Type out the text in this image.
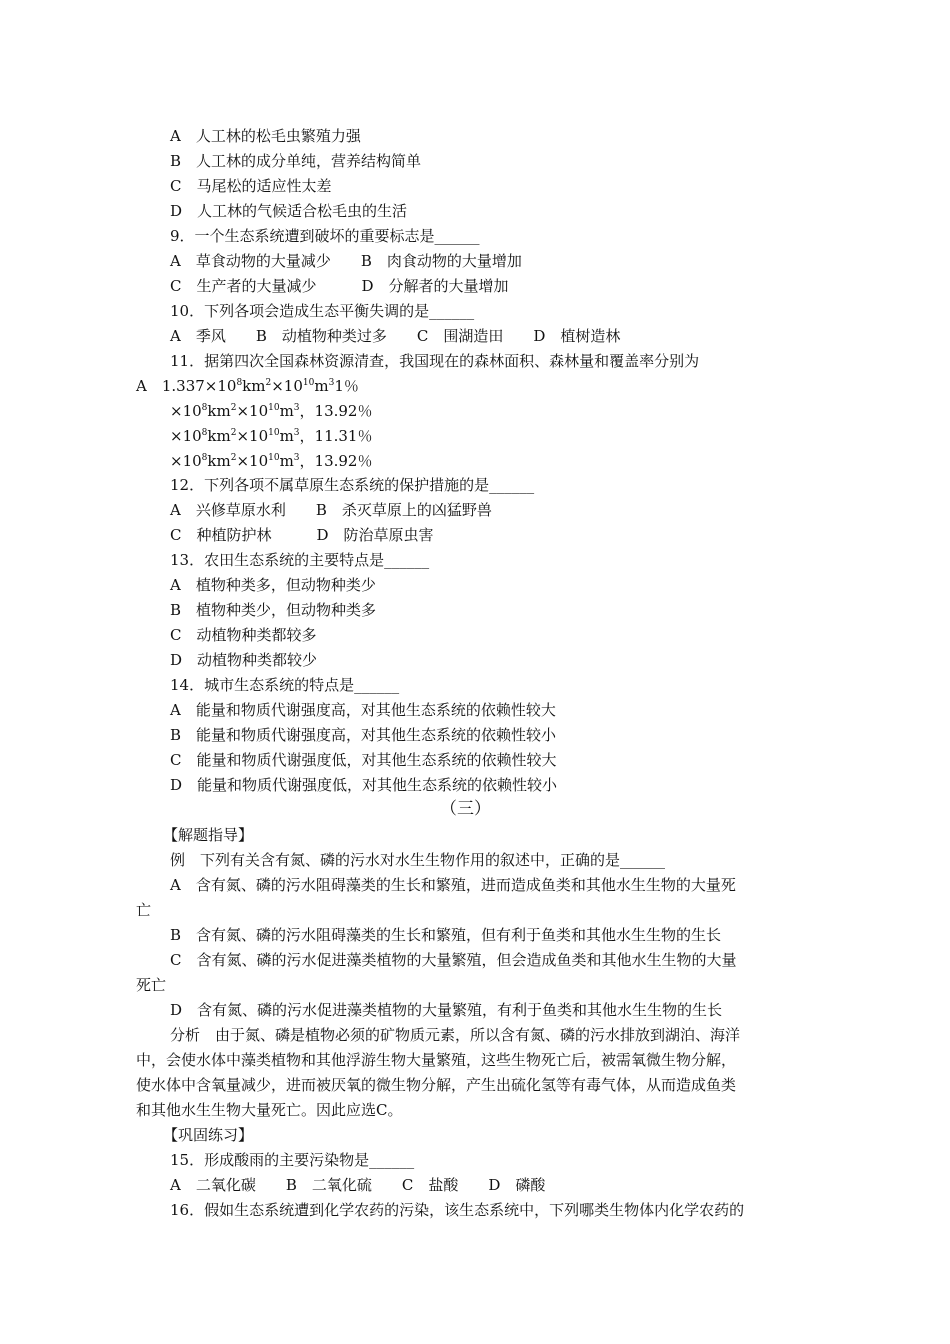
A　人工林的松毛虫繁殖力强
B　人工林的成分单纯，营养结构简单
C　马尾松的适应性太差
D　人工林的气候适合松毛虫的生活
9．一个生态系统遭到破坏的重要标志是______
A　草食动物的大量减少　　B　肉食动物的大量增加
C　生产者的大量减少　　　D　分解者的大量增加
10．下列各项会造成生态平衡失调的是______
A　季风　　B　动植物种类过多　　C　围湖造田　　D　植树造林
11．据第四次全国森林资源清查，我国现在的森林面积、森林量和覆盖率分别为
A　$1.337\times 10^8km^2\times 10^{10}m^31$％
$\times 10^8km^2\times 10^{10}m^3$，13.92％
$\times 10^8km^2\times 10^{10}m^3$，11.31％
$\times 10^8km^2\times 10^{10}m^3$，13.92％
12．下列各项不属草原生态系统的保护措施的是______
A　兴修草原水利　　B　杀灭草原上的凶猛野兽
C　种植防护林　　　D　防治草原虫害
13．农田生态系统的主要特点是______
A　植物种类多，但动物种类少
B　植物种类少，但动物种类多
C　动植物种类都较多
D　动植物种类都较少
14．城市生态系统的特点是______
A　能量和物质代谢强度高，对其他生态系统的依赖性较大
B　能量和物质代谢强度高，对其他生态系统的依赖性较小
C　能量和物质代谢强度低，对其他生态系统的依赖性较大
D　能量和物质代谢强度低，对其他生态系统的依赖性较小
（三）
【解题指导】
例　下列有关含有氮、磷的污水对水生生物作用的叙述中，正确的是______
A　含有氮、磷的污水阻碍藻类的生长和繁殖，进而造成鱼类和其他水生生物的大量死
亡
B　含有氮、磷的污水阻碍藻类的生长和繁殖，但有利于鱼类和其他水生生物的生长
C　含有氮、磷的污水促进藻类植物的大量繁殖，但会造成鱼类和其他水生生物的大量
死亡
D　含有氮、磷的污水促进藻类植物的大量繁殖，有利于鱼类和其他水生生物的生长
分析　由于氮、磷是植物必须的矿物质元素，所以含有氮、磷的污水排放到湖泊、海洋
中，会使水体中藻类植物和其他浮游生物大量繁殖，这些生物死亡后，被需氧微生物分解，
使水体中含氧量减少，进而被厌氧的微生物分解，产生出硫化氢等有毒气体，从而造成鱼类
和其他水生生物大量死亡。因此应选C。
【巩固练习】
15．形成酸雨的主要污染物是______
A　二氧化碳　　B　二氧化硫　　C　盐酸　　D　磷酸
16．假如生态系统遭到化学农药的污染，该生态系统中，下列哪类生物体内化学农药的
